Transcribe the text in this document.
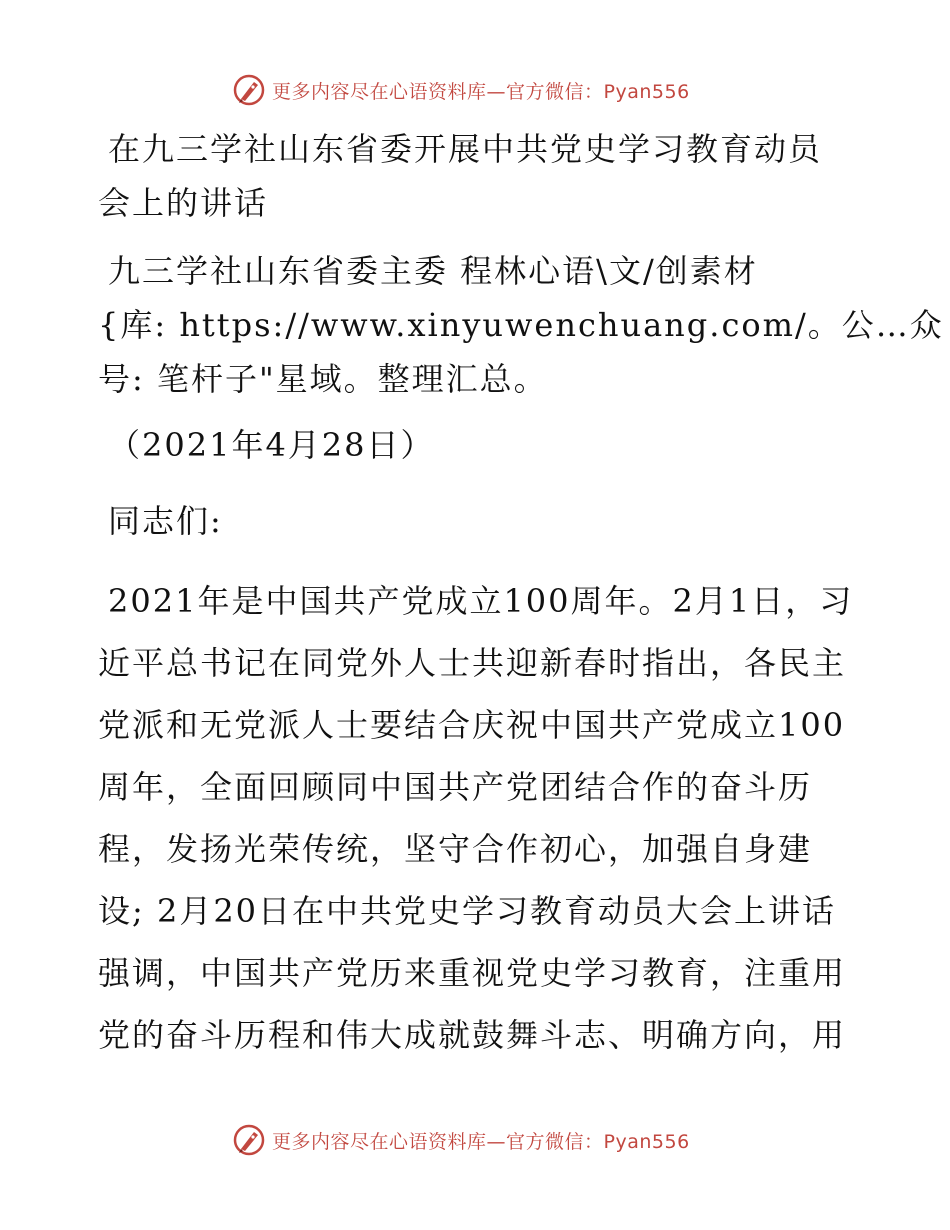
更多内容尽在心语资料库—官方微信：Pyan556
在九三学社山东省委开展中共党史学习教育动员
会上的讲话
九三学社山东省委主委 程林心语\文/创素材
{库: https://www.xinyuwenchuang.com/。公…众
号: 笔杆子"星域。整理汇总。
（2021年4月28日）
同志们:
2021年是中国共产党成立100周年。2月1日，习
近平总书记在同党外人士共迎新春时指出，各民主
党派和无党派人士要结合庆祝中国共产党成立100
周年，全面回顾同中国共产党团结合作的奋斗历
程，发扬光荣传统，坚守合作初心，加强自身建
设; 2月20日在中共党史学习教育动员大会上讲话
强调，中国共产党历来重视党史学习教育，注重用
党的奋斗历程和伟大成就鼓舞斗志、明确方向，用
更多内容尽在心语资料库—官方微信：Pyan556
